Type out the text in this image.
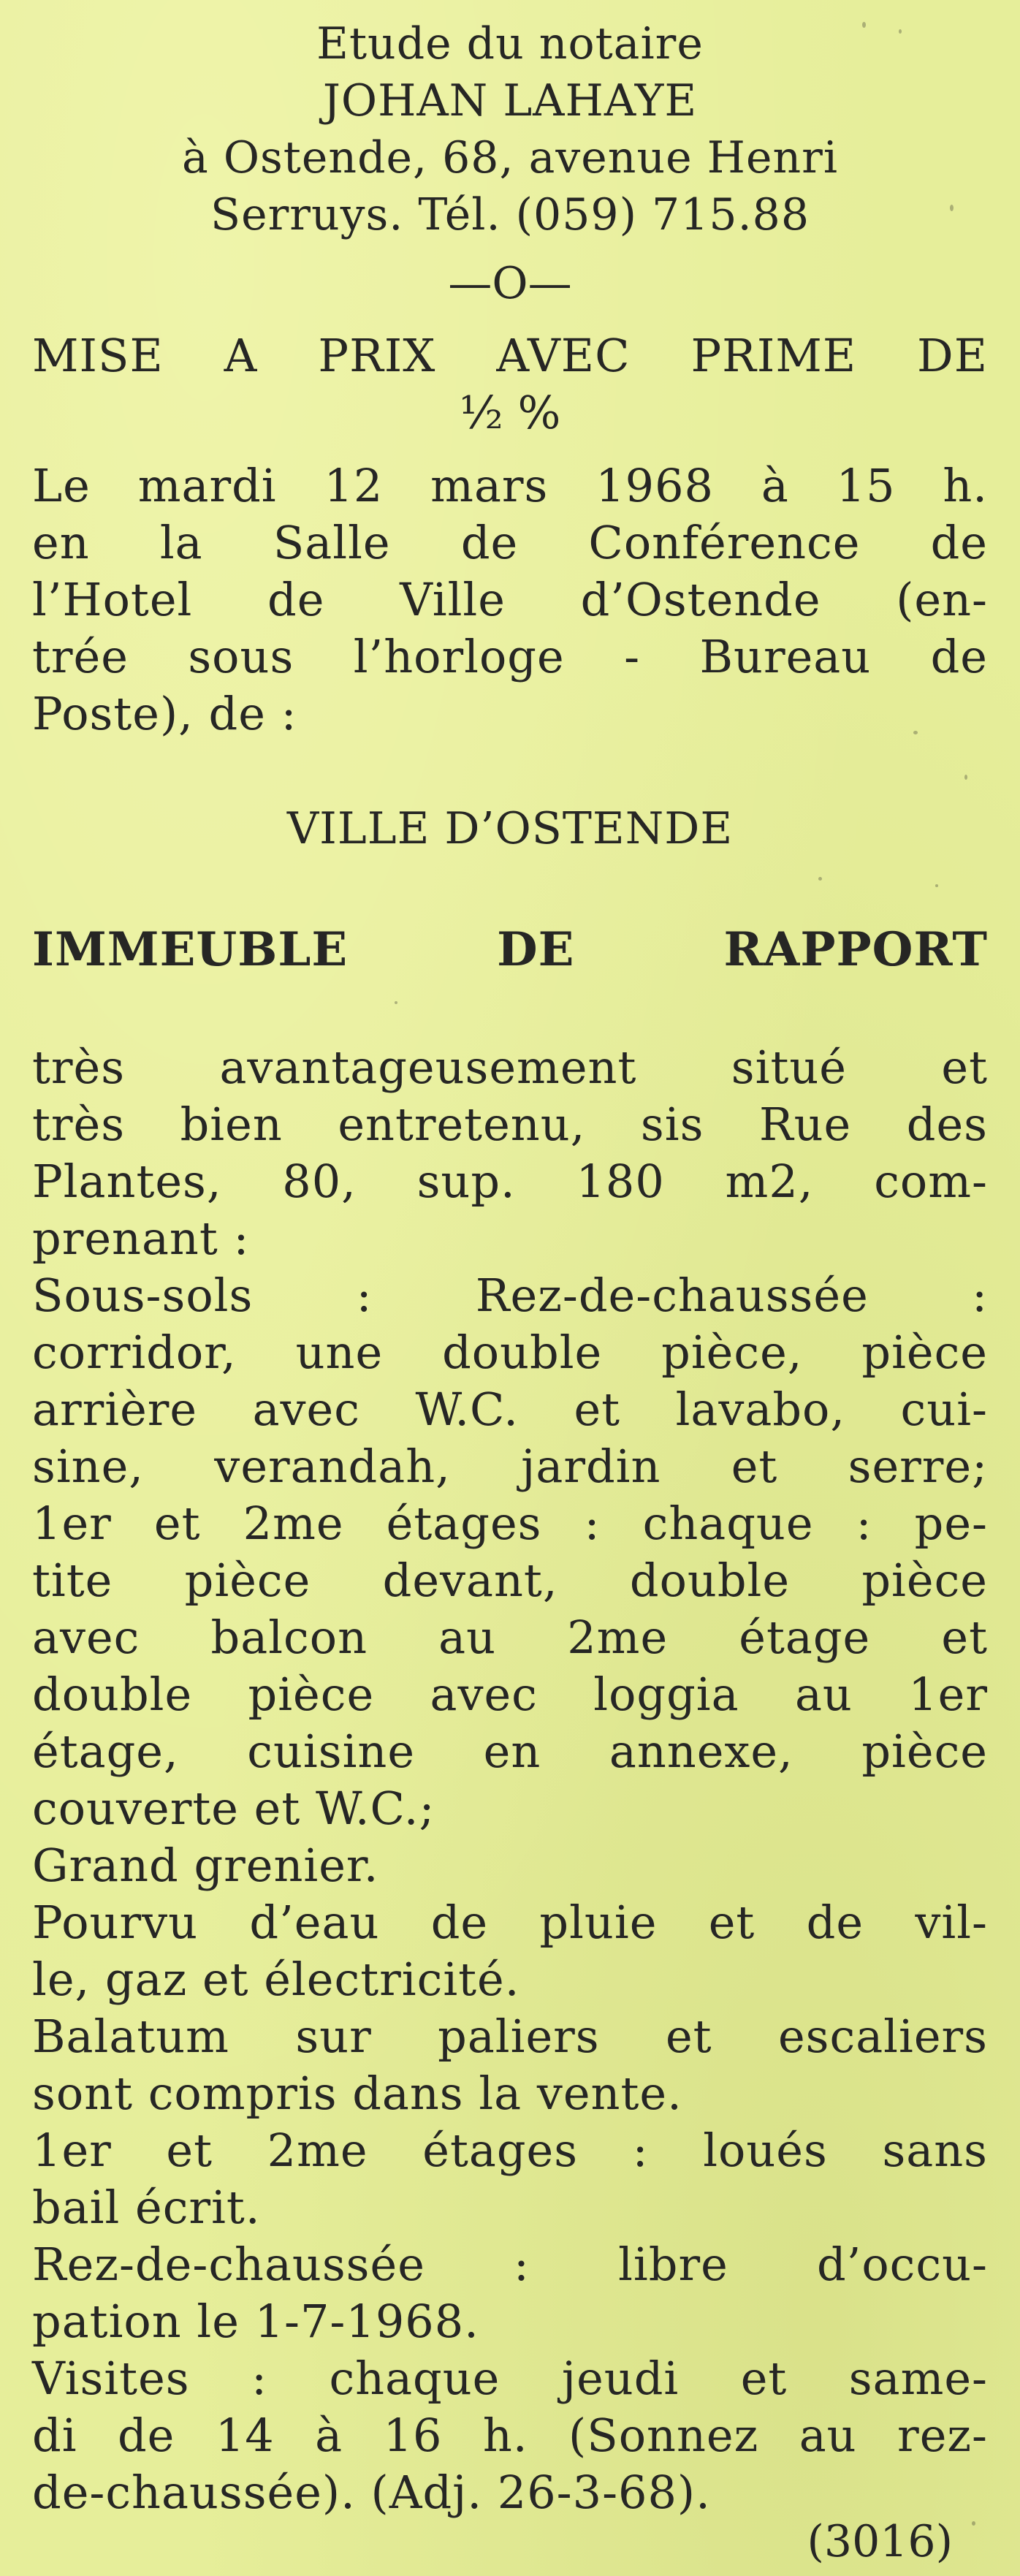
Etude du notaire
JOHAN LAHAYE
à Ostende, 68, avenue Henri
Serruys. Tél. (059) 715.88
—O—
MISE A PRIX AVEC PRIME DE
½ %
Le mardi 12 mars 1968 à 15 h.
en la Salle de Conférence de
l’Hotel de Ville d’Ostende (en-
trée sous l’horloge - Bureau de
Poste), de :
VILLE D’OSTENDE
IMMEUBLE DE RAPPORT
très avantageusement situé et
très bien entretenu, sis Rue des
Plantes, 80, sup. 180 m2, com-
prenant :
Sous-sols : Rez-de-chaussée :
corridor, une double pièce, pièce
arrière avec W.C. et lavabo, cui-
sine, verandah, jardin et serre;
1er et 2me étages : chaque : pe-
tite pièce devant, double pièce
avec balcon au 2me étage et
double pièce avec loggia au 1er
étage, cuisine en annexe, pièce
couverte et W.C.;
Grand grenier.
Pourvu d’eau de pluie et de vil-
le, gaz et électricité.
Balatum sur paliers et escaliers
sont compris dans la vente.
1er et 2me étages : loués sans
bail écrit.
Rez-de-chaussée : libre d’occu-
pation le 1-7-1968.
Visites : chaque jeudi et same-
di de 14 à 16 h. (Sonnez au rez-
de-chaussée). (Adj. 26-3-68).
(3016)
